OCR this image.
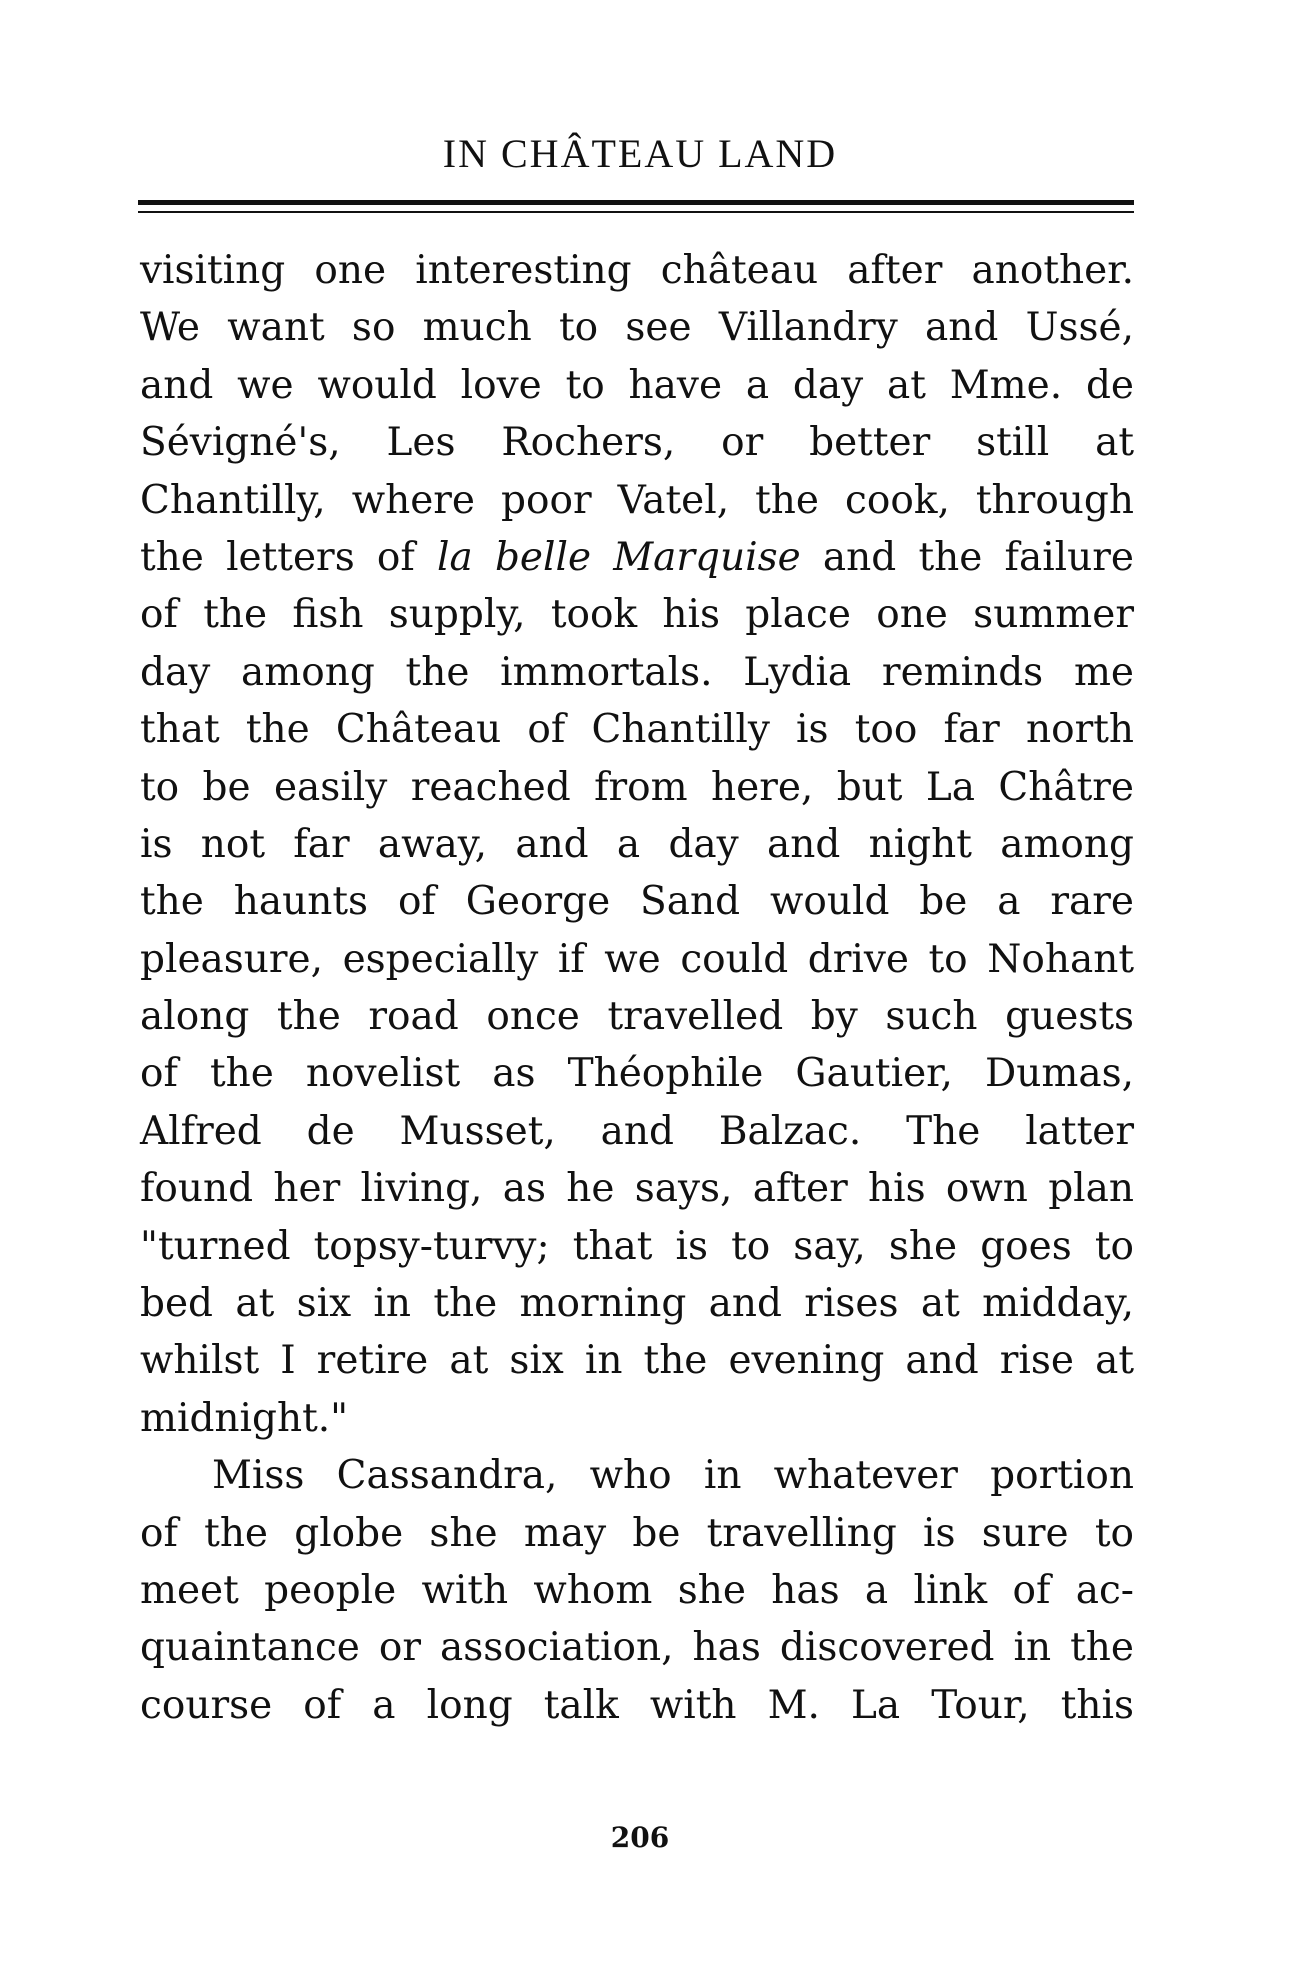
IN CHÂTEAU LAND
visiting one interesting château after another.
We want so much to see Villandry and Ussé,
and we would love to have a day at Mme. de
Sévigné's, Les Rochers, or better still at
Chantilly, where poor Vatel, the cook, through
the letters of la belle Marquise and the failure
of the fish supply, took his place one summer
day among the immortals. Lydia reminds me
that the Château of Chantilly is too far north
to be easily reached from here, but La Châtre
is not far away, and a day and night among
the haunts of George Sand would be a rare
pleasure, especially if we could drive to Nohant
along the road once travelled by such guests
of the novelist as Théophile Gautier, Dumas,
Alfred de Musset, and Balzac. The latter
found her living, as he says, after his own plan
"turned topsy-turvy; that is to say, she goes to
bed at six in the morning and rises at midday,
whilst I retire at six in the evening and rise at
midnight."
Miss Cassandra, who in whatever portion
of the globe she may be travelling is sure to
meet people with whom she has a link of ac-
quaintance or association, has discovered in the
course of a long talk with M. La Tour, this
206
